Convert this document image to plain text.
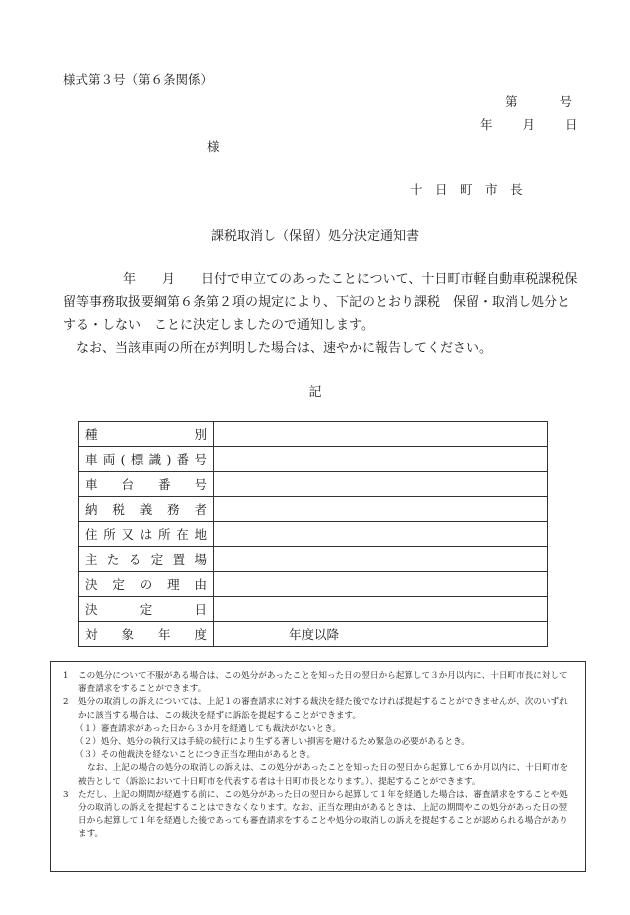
様式第３号（第６条関係）
第	号
年 月 日
様
十　日　町　市　長
課税取消し（保留）処分決定通知書

年　　月　　日付で申立てのあったことについて、十日町市軽自動車税課税保留等事務取扱要綱第６条第２項の規定により、下記のとおり課税　保留・取消し処分と　する・しない　ことに決定しましたので通知します。

なお、当該車両の所在が判明した場合は、速やかに報告してください。

記
種別	

車両(標識)番号	

車台番号	

納税義務者	

住所又は所在地	

主たる定置場	

決定の理由	

決定日	

対象年度	年度以降
1	この処分について不服がある場合は、この処分があったことを知った日の翌日から起算して３か月以内に、十日町市長に対して審査請求をすることができます。
2	処分の取消しの訴えについては、上記１の審査請求に対する裁決を経た後でなければ提起することができませんが、次のいずれかに該当する場合は、この裁決を経ずに訴訟を提起することができます。
（１）審査請求があった日から３か月を経過しても裁決がないとき。
（２）処分、処分の執行又は手続の続行により生ずる著しい損害を避けるため緊急の必要があるとき。
（３）その他裁決を経ないことにつき正当な理由があるとき。
なお、上記の場合の処分の取消しの訴えは、この処分があったことを知った日の翌日から起算して６か月以内に、十日町市を被告として（訴訟において十日町市を代表する者は十日町市長となります。）、提起することができます。
3	ただし、上記の期間が経過する前に、この処分があった日の翌日から起算して１年を経過した場合は、審査請求をすることや処分の取消しの訴えを提起することはできなくなります。なお、正当な理由があるときは、上記の期間やこの処分があった日の翌日から起算して１年を経過した後であっても審査請求をすることや処分の取消しの訴えを提起することが認められる場合があります。
